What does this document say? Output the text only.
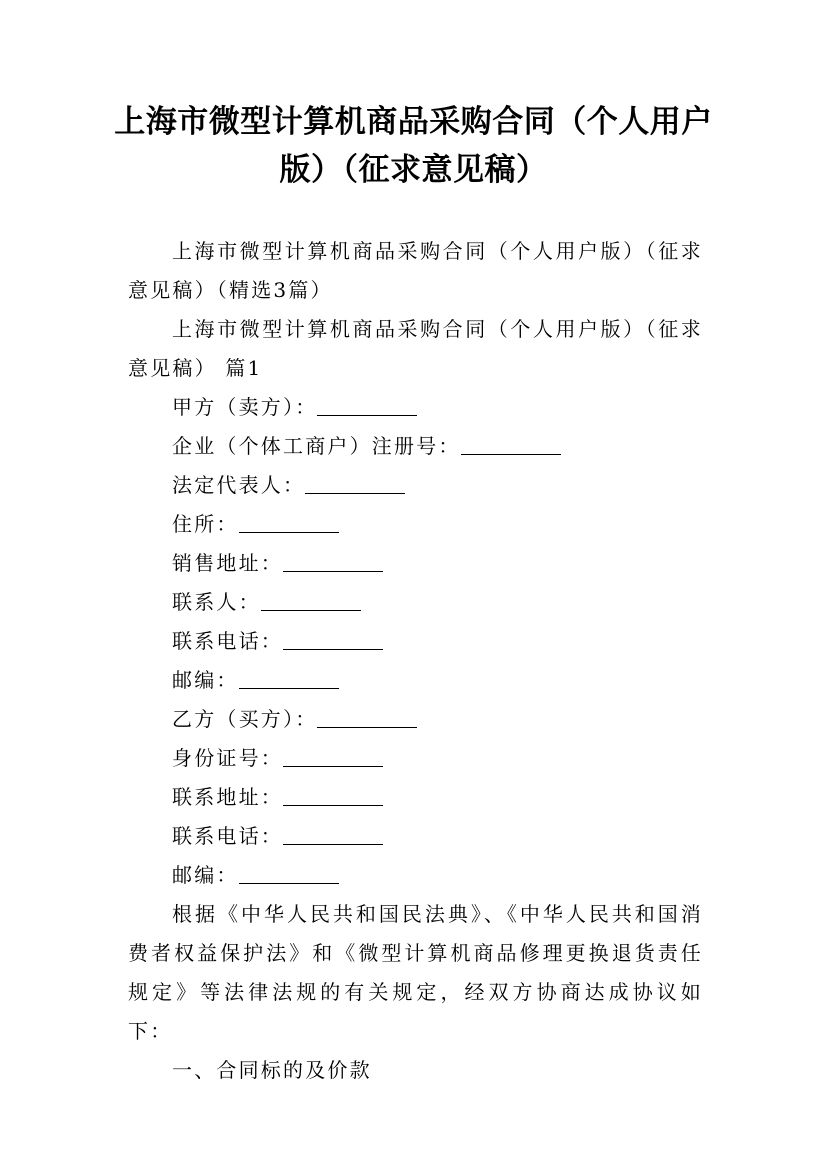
上海市微型计算机商品采购合同（个人用户版）（征求意见稿）

上海市微型计算机商品采购合同（个人用户版）（征求意见稿）（精选3篇）

上海市微型计算机商品采购合同（个人用户版）（征求意见稿） 篇1

甲方（卖方）：
企业（个体工商户）注册号：
法定代表人：
住所：
销售地址：
联系人：
联系电话：
邮编：
乙方（买方）：
身份证号：
联系地址：
联系电话：
邮编：

根据《中华人民共和国民法典》、《中华人民共和国消费者权益保护法》和《微型计算机商品修理更换退货责任规定》等法律法规的有关规定，经双方协商达成协议如下：

一、合同标的及价款
